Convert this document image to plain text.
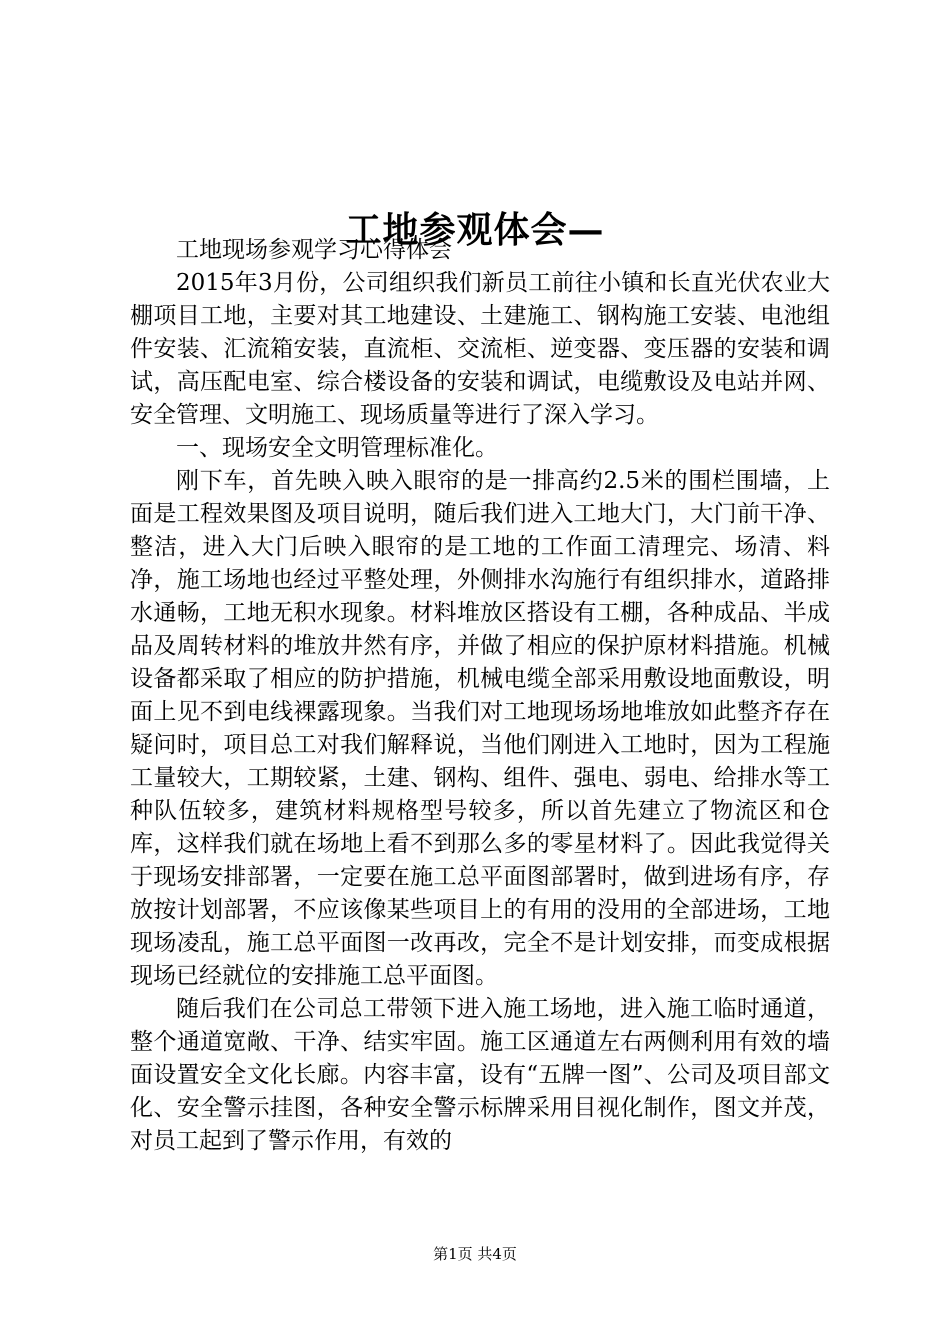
工地参观体会—

工地现场参观学习心得体会

2015年3月份，公司组织我们新员工前往小镇和长直光伏农业大棚项目工地，主要对其工地建设、土建施工、钢构施工安装、电池组件安装、汇流箱安装，直流柜、交流柜、逆变器、变压器的安装和调试，高压配电室、综合楼设备的安装和调试，电缆敷设及电站并网、安全管理、文明施工、现场质量等进行了深入学习。

一、现场安全文明管理标准化。

刚下车，首先映入映入眼帘的是一排高约2.5米的围栏围墙，上面是工程效果图及项目说明，随后我们进入工地大门，大门前干净、整洁，进入大门后映入眼帘的是工地的工作面工清理完、场清、料净，施工场地也经过平整处理，外侧排水沟施行有组织排水，道路排水通畅，工地无积水现象。材料堆放区搭设有工棚，各种成品、半成品及周转材料的堆放井然有序，并做了相应的保护原材料措施。机械设备都采取了相应的防护措施，机械电缆全部采用敷设地面敷设，明面上见不到电线裸露现象。当我们对工地现场场地堆放如此整齐存在疑问时，项目总工对我们解释说，当他们刚进入工地时，因为工程施工量较大，工期较紧，土建、钢构、组件、强电、弱电、给排水等工种队伍较多，建筑材料规格型号较多，所以首先建立了物流区和仓库，这样我们就在场地上看不到那么多的零星材料了。因此我觉得关于现场安排部署，一定要在施工总平面图部署时，做到进场有序，存放按计划部署，不应该像某些项目上的有用的没用的全部进场，工地现场凌乱，施工总平面图一改再改，完全不是计划安排，而变成根据现场已经就位的安排施工总平面图。

随后我们在公司总工带领下进入施工场地，进入施工临时通道，整个通道宽敞、干净、结实牢固。施工区通道左右两侧利用有效的墙面设置安全文化长廊。内容丰富，设有“五牌一图”、公司及项目部文化、安全警示挂图，各种安全警示标牌采用目视化制作，图文并茂，对员工起到了警示作用，有效的

第1页 共4页
